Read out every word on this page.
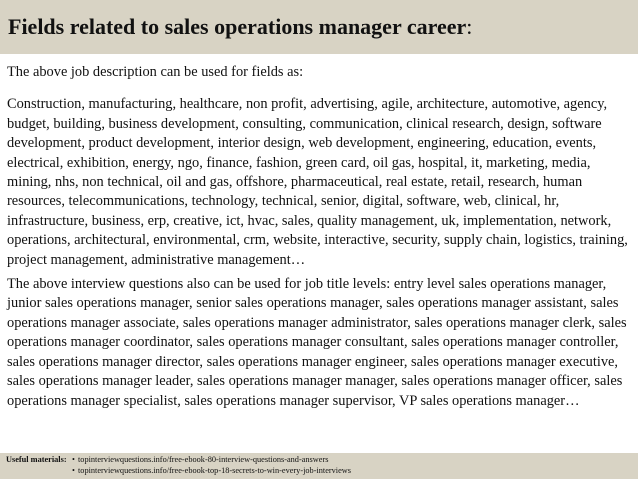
Fields related to sales operations manager career:

The above job description can be used for fields as:

Construction, manufacturing, healthcare, non profit, advertising, agile, architecture, automotive, agency, budget, building, business development, consulting, communication, clinical research, design, software development, product development, interior design, web development, engineering, education, events, electrical, exhibition, energy, ngo, finance, fashion, green card, oil gas, hospital, it, marketing, media, mining, nhs, non technical, oil and gas, offshore, pharmaceutical, real estate, retail, research, human resources, telecommunications, technology, technical, senior, digital, software, web, clinical, hr, infrastructure, business, erp, creative, ict, hvac, sales, quality management, uk, implementation, network, operations, architectural, environmental, crm, website, interactive, security, supply chain, logistics, training, project management, administrative management…

The above interview questions also can be used for job title levels: entry level sales operations manager, junior sales operations manager, senior sales operations manager, sales operations manager assistant, sales operations manager associate, sales operations manager administrator, sales operations manager clerk, sales operations manager coordinator, sales operations manager consultant, sales operations manager controller, sales operations manager director, sales operations manager engineer, sales operations manager executive, sales operations manager leader, sales operations manager manager, sales operations manager officer, sales operations manager specialist, sales operations manager supervisor, VP sales operations manager…

Useful materials: • topinterviewquestions.info/free-ebook-80-interview-questions-and-answers
• topinterviewquestions.info/free-ebook-top-18-secrets-to-win-every-job-interviews
